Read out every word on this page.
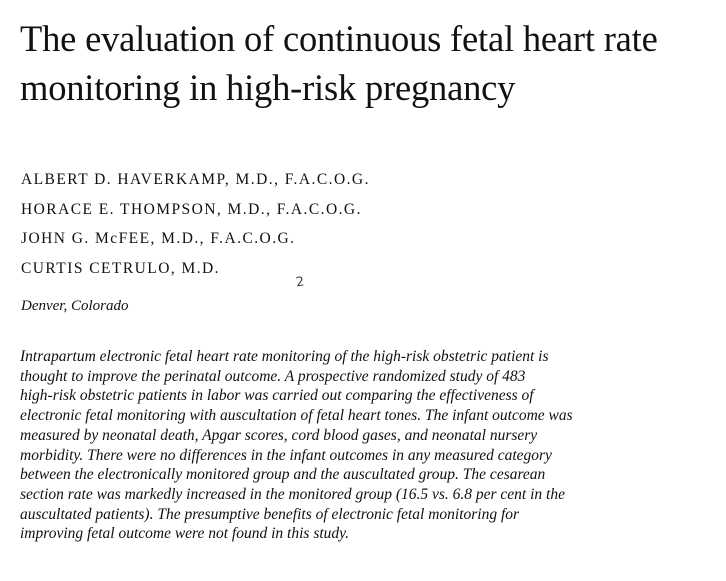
The evaluation of continuous fetal heart rate
monitoring in high-risk pregnancy
ALBERT D. HAVERKAMP, M.D., F.A.C.O.G.
HORACE E. THOMPSON, M.D., F.A.C.O.G.
JOHN G. McFEE, M.D., F.A.C.O.G.
CURTIS CETRULO, M.D.
2
Denver, Colorado
Intrapartum electronic fetal heart rate monitoring of the high-risk obstetric patient is
thought to improve the perinatal outcome. A prospective randomized study of 483
high-risk obstetric patients in labor was carried out comparing the effectiveness of
electronic fetal monitoring with auscultation of fetal heart tones. The infant outcome was
measured by neonatal death, Apgar scores, cord blood gases, and neonatal nursery
morbidity. There were no differences in the infant outcomes in any measured category
between the electronically monitored group and the auscultated group. The cesarean
section rate was markedly increased in the monitored group (16.5 vs. 6.8 per cent in the
auscultated patients). The presumptive benefits of electronic fetal monitoring for
improving fetal outcome were not found in this study.
